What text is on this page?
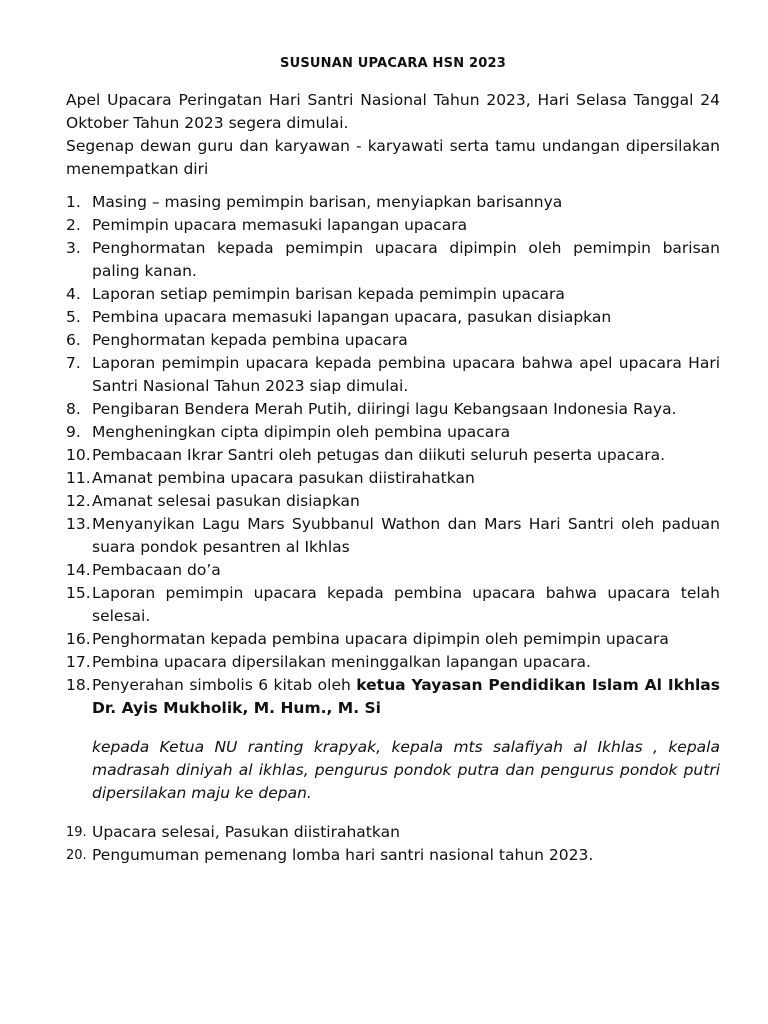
SUSUNAN UPACARA HSN 2023

Apel Upacara Peringatan Hari Santri Nasional Tahun 2023, Hari Selasa Tanggal 24 Oktober Tahun 2023 segera dimulai.

Segenap dewan guru dan karyawan - karyawati serta tamu undangan dipersilakan menempatkan diri

1. Masing – masing pemimpin barisan, menyiapkan barisannya
2. Pemimpin upacara memasuki lapangan upacara
3. Penghormatan kepada pemimpin upacara dipimpin oleh pemimpin barisan paling kanan.
4. Laporan setiap pemimpin barisan kepada pemimpin upacara
5. Pembina upacara memasuki lapangan upacara, pasukan disiapkan
6. Penghormatan kepada pembina upacara
7. Laporan pemimpin upacara kepada pembina upacara bahwa apel upacara Hari Santri Nasional Tahun 2023 siap dimulai.
8. Pengibaran Bendera Merah Putih, diiringi lagu Kebangsaan Indonesia Raya.
9. Mengheningkan cipta dipimpin oleh pembina upacara
10. Pembacaan Ikrar Santri oleh petugas dan diikuti seluruh peserta upacara.
11. Amanat pembina upacara pasukan diistirahatkan
12. Amanat selesai pasukan disiapkan
13. Menyanyikan Lagu Mars Syubbanul Wathon dan Mars Hari Santri oleh paduan suara pondok pesantren al Ikhlas
14. Pembacaan do’a
15. Laporan pemimpin upacara kepada pembina upacara bahwa upacara telah selesai.
16. Penghormatan kepada pembina upacara dipimpin oleh pemimpin upacara
17. Pembina upacara dipersilakan meninggalkan lapangan upacara.
18. Penyerahan simbolis 6 kitab oleh ketua Yayasan Pendidikan Islam Al Ikhlas Dr. Ayis Mukholik, M. Hum., M. Si
kepada Ketua NU ranting krapyak, kepala mts salafiyah al Ikhlas , kepala madrasah diniyah al ikhlas, pengurus pondok putra dan pengurus pondok putri dipersilakan maju ke depan.
19. Upacara selesai, Pasukan diistirahatkan
20. Pengumuman pemenang lomba hari santri nasional tahun 2023.
